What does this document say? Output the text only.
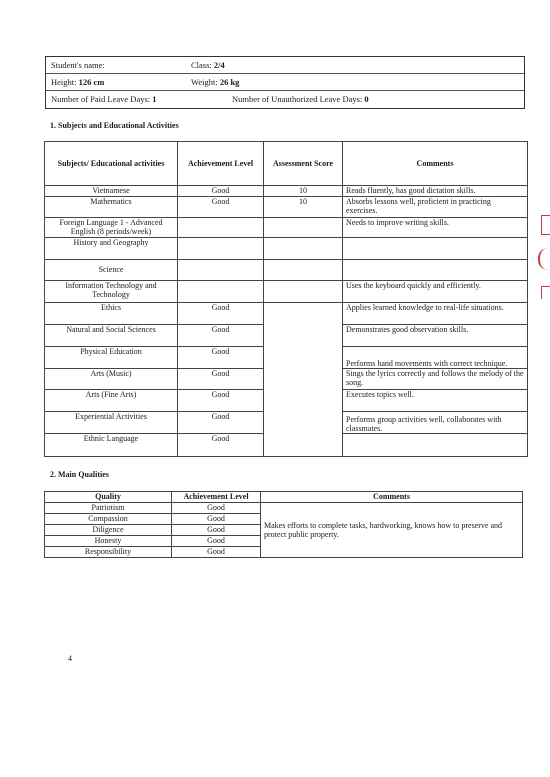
Student's name:	Class: 2/4
Height: 126 cm	Weight: 26 kg
Number of Paid Leave Days: 1	Number of Unauthorized Leave Days: 0
1. Subjects and Educational Activities
Subjects/ Educational activities	Achievement Level	Assessment Score	Comments
Vietnamese	Good	10	Reads fluently, has good dictation skills.
Mathematics	Good	10	Absorbs lessons well, proficient in practicing exercises.
Foreign Language 1 - Advanced English (8 periods/week)			Needs to improve writing skills.
History and Geography			
Science			
Information Technology and Technology			Uses the keyboard quickly and efficiently.
Ethics	Good		Applies learned knowledge to real-life situations.
Natural and Social Sciences	Good		Demonstrates good observation skills.
Physical Education	Good		Performs hand movements with correct technique.
Arts (Music)	Good		Sings the lyrics correctly and follows the melody of the song.
Arts (Fine Arts)	Good		Executes topics well.
Experiential Activities	Good		Performs group activities well, collaborates with classmates.
Ethnic Language	Good		
2. Main Qualities
Quality	Achievement Level	Comments
Patriotism	Good	Makes efforts to complete tasks, hardworking, knows how to preserve and protect public property.
Compassion	Good	
Diligence	Good	
Honesty	Good	
Responsibility	Good	
4
·
·
